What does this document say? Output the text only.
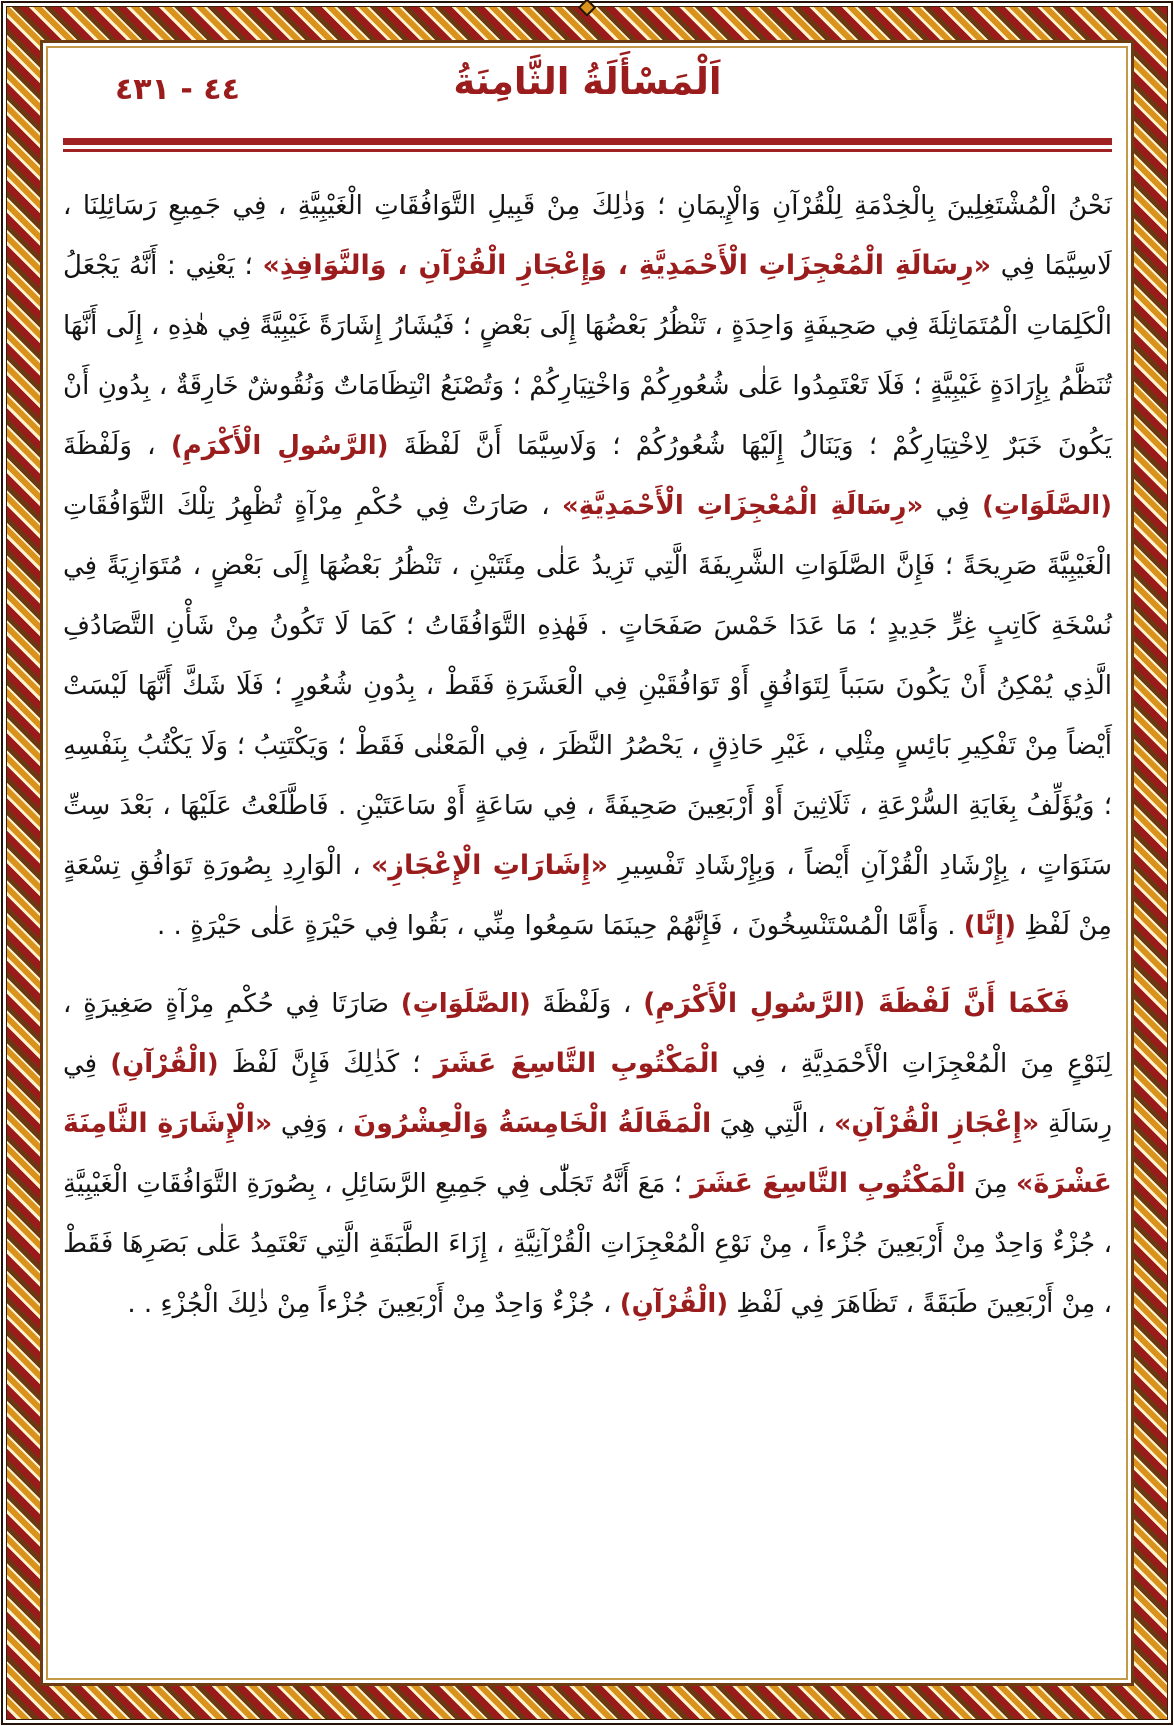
٤٤ - ٤٣١	اَلْمَسْأَلَةُ الثَّامِنَةُ

نَحْنُ الْمُشْتَغِلِينَ بِالْخِدْمَةِ لِلْقُرْآنِ وَالْإِيمَانِ ؛ وَذٰلِكَ مِنْ قَبِيلِ التَّوَافُقَاتِ الْغَيْبِيَّةِ ، فِي جَمِيعِ رَسَائِلِنَا ، لَاسِيَّمَا فِي «رِسَالَةِ الْمُعْجِزَاتِ الْأَحْمَدِيَّةِ ، وَإِعْجَازِ الْقُرْآنِ ، وَالنَّوَافِذِ» ؛ يَعْنِي : أَنَّهُ يَجْعَلُ الْكَلِمَاتِ الْمُتَمَاثِلَةَ فِي صَحِيفَةٍ وَاحِدَةٍ ، تَنْظُرُ بَعْضُهَا إِلَى بَعْضٍ ؛ فَيُشَارُ إِشَارَةً غَيْبِيَّةً فِي هٰذِهِ ، إِلَى أَنَّهَا تُنَظَّمُ بِإِرَادَةٍ غَيْبِيَّةٍ ؛ فَلَا تَعْتَمِدُوا عَلٰى شُعُورِكُمْ وَاخْتِيَارِكُمْ ؛ وَتُصْنَعُ انْتِظَامَاتٌ وَنُقُوشٌ خَارِقَةٌ ، بِدُونِ أَنْ يَكُونَ خَبَرٌ لِاخْتِيَارِكُمْ ؛ وَيَنَالُ إِلَيْهَا شُعُورُكُمْ ؛ وَلَاسِيَّمَا أَنَّ لَفْظَةَ (الرَّسُولِ الْأَكْرَمِ) ، وَلَفْظَةَ (الصَّلَوَاتِ) فِي «رِسَالَةِ الْمُعْجِزَاتِ الْأَحْمَدِيَّةِ» ، صَارَتْ فِي حُكْمِ مِرْآةٍ تُظْهِرُ تِلْكَ التَّوَافُقَاتِ الْغَيْبِيَّةَ صَرِيحَةً ؛ فَإِنَّ الصَّلَوَاتِ الشَّرِيفَةَ الَّتِي تَزِيدُ عَلٰى مِئَتَيْنِ ، تَنْظُرُ بَعْضُهَا إِلَى بَعْضٍ ، مُتَوَازِيَةً فِي نُسْخَةِ كَاتِبٍ غِرٍّ جَدِيدٍ ؛ مَا عَدَا خَمْسَ صَفَحَاتٍ . فَهٰذِهِ التَّوَافُقَاتُ ؛ كَمَا لَا تَكُونُ مِنْ شَأْنِ التَّصَادُفِ الَّذِي يُمْكِنُ أَنْ يَكُونَ سَبَباً لِتَوَافُقٍ أَوْ تَوَافُقَيْنِ فِي الْعَشَرَةِ فَقَطْ ، بِدُونِ شُعُورٍ ؛ فَلَا شَكَّ أَنَّهَا لَيْسَتْ أَيْضاً مِنْ تَفْكِيرِ بَائِسٍ مِثْلِي ، غَيْرِ حَاذِقٍ ، يَحْصُرُ النَّظَرَ ، فِي الْمَعْنٰى فَقَطْ ؛ وَيَكْتَتِبُ ؛ وَلَا يَكْتُبُ بِنَفْسِهِ ؛ وَيُؤَلِّفُ بِغَايَةِ السُّرْعَةِ ، ثَلَاثِينَ أَوْ أَرْبَعِينَ صَحِيفَةً ، فِي سَاعَةٍ أَوْ سَاعَتَيْنِ . فَاطَّلَعْتُ عَلَيْهَا ، بَعْدَ سِتِّ سَنَوَاتٍ ، بِإِرْشَادِ الْقُرْآنِ أَيْضاً ، وَبِإِرْشَادِ تَفْسِيرِ «إِشَارَاتِ الْإِعْجَازِ» ، الْوَارِدِ بِصُورَةِ تَوَافُقِ تِسْعَةٍ مِنْ لَفْظِ (إِنَّا) . وَأَمَّا الْمُسْتَنْسِخُونَ ، فَإِنَّهُمْ حِينَمَا سَمِعُوا مِنِّي ، بَقُوا فِي حَيْرَةٍ عَلٰى حَيْرَةٍ . .

فَكَمَا أَنَّ لَفْظَةَ (الرَّسُولِ الْأَكْرَمِ) ، وَلَفْظَةَ (الصَّلَوَاتِ) صَارَتَا فِي حُكْمِ مِرْآةٍ صَغِيرَةٍ ، لِنَوْعٍ مِنَ الْمُعْجِزَاتِ الْأَحْمَدِيَّةِ ، فِي الْمَكْتُوبِ التَّاسِعَ عَشَرَ ؛ كَذٰلِكَ فَإِنَّ لَفْظَ (الْقُرْآنِ) فِي رِسَالَةِ «إِعْجَازِ الْقُرْآنِ» ، الَّتِي هِيَ الْمَقَالَةُ الْخَامِسَةُ وَالْعِشْرُونَ ، وَفِي «الْإِشَارَةِ الثَّامِنَةَ عَشْرَةَ» مِنَ الْمَكْتُوبِ التَّاسِعَ عَشَرَ ؛ مَعَ أَنَّهُ تَجَلّٰى فِي جَمِيعِ الرَّسَائِلِ ، بِصُورَةِ التَّوَافُقَاتِ الْغَيْبِيَّةِ ، جُزْءٌ وَاحِدٌ مِنْ أَرْبَعِينَ جُزْءاً ، مِنْ نَوْعِ الْمُعْجِزَاتِ الْقُرْآنِيَّةِ ، إِزَاءَ الطَّبَقَةِ الَّتِي تَعْتَمِدُ عَلٰى بَصَرِهَا فَقَطْ ، مِنْ أَرْبَعِينَ طَبَقَةً ، تَظَاهَرَ فِي لَفْظِ (الْقُرْآنِ) ، جُزْءٌ وَاحِدٌ مِنْ أَرْبَعِينَ جُزْءاً مِنْ ذٰلِكَ الْجُزْءِ . .
